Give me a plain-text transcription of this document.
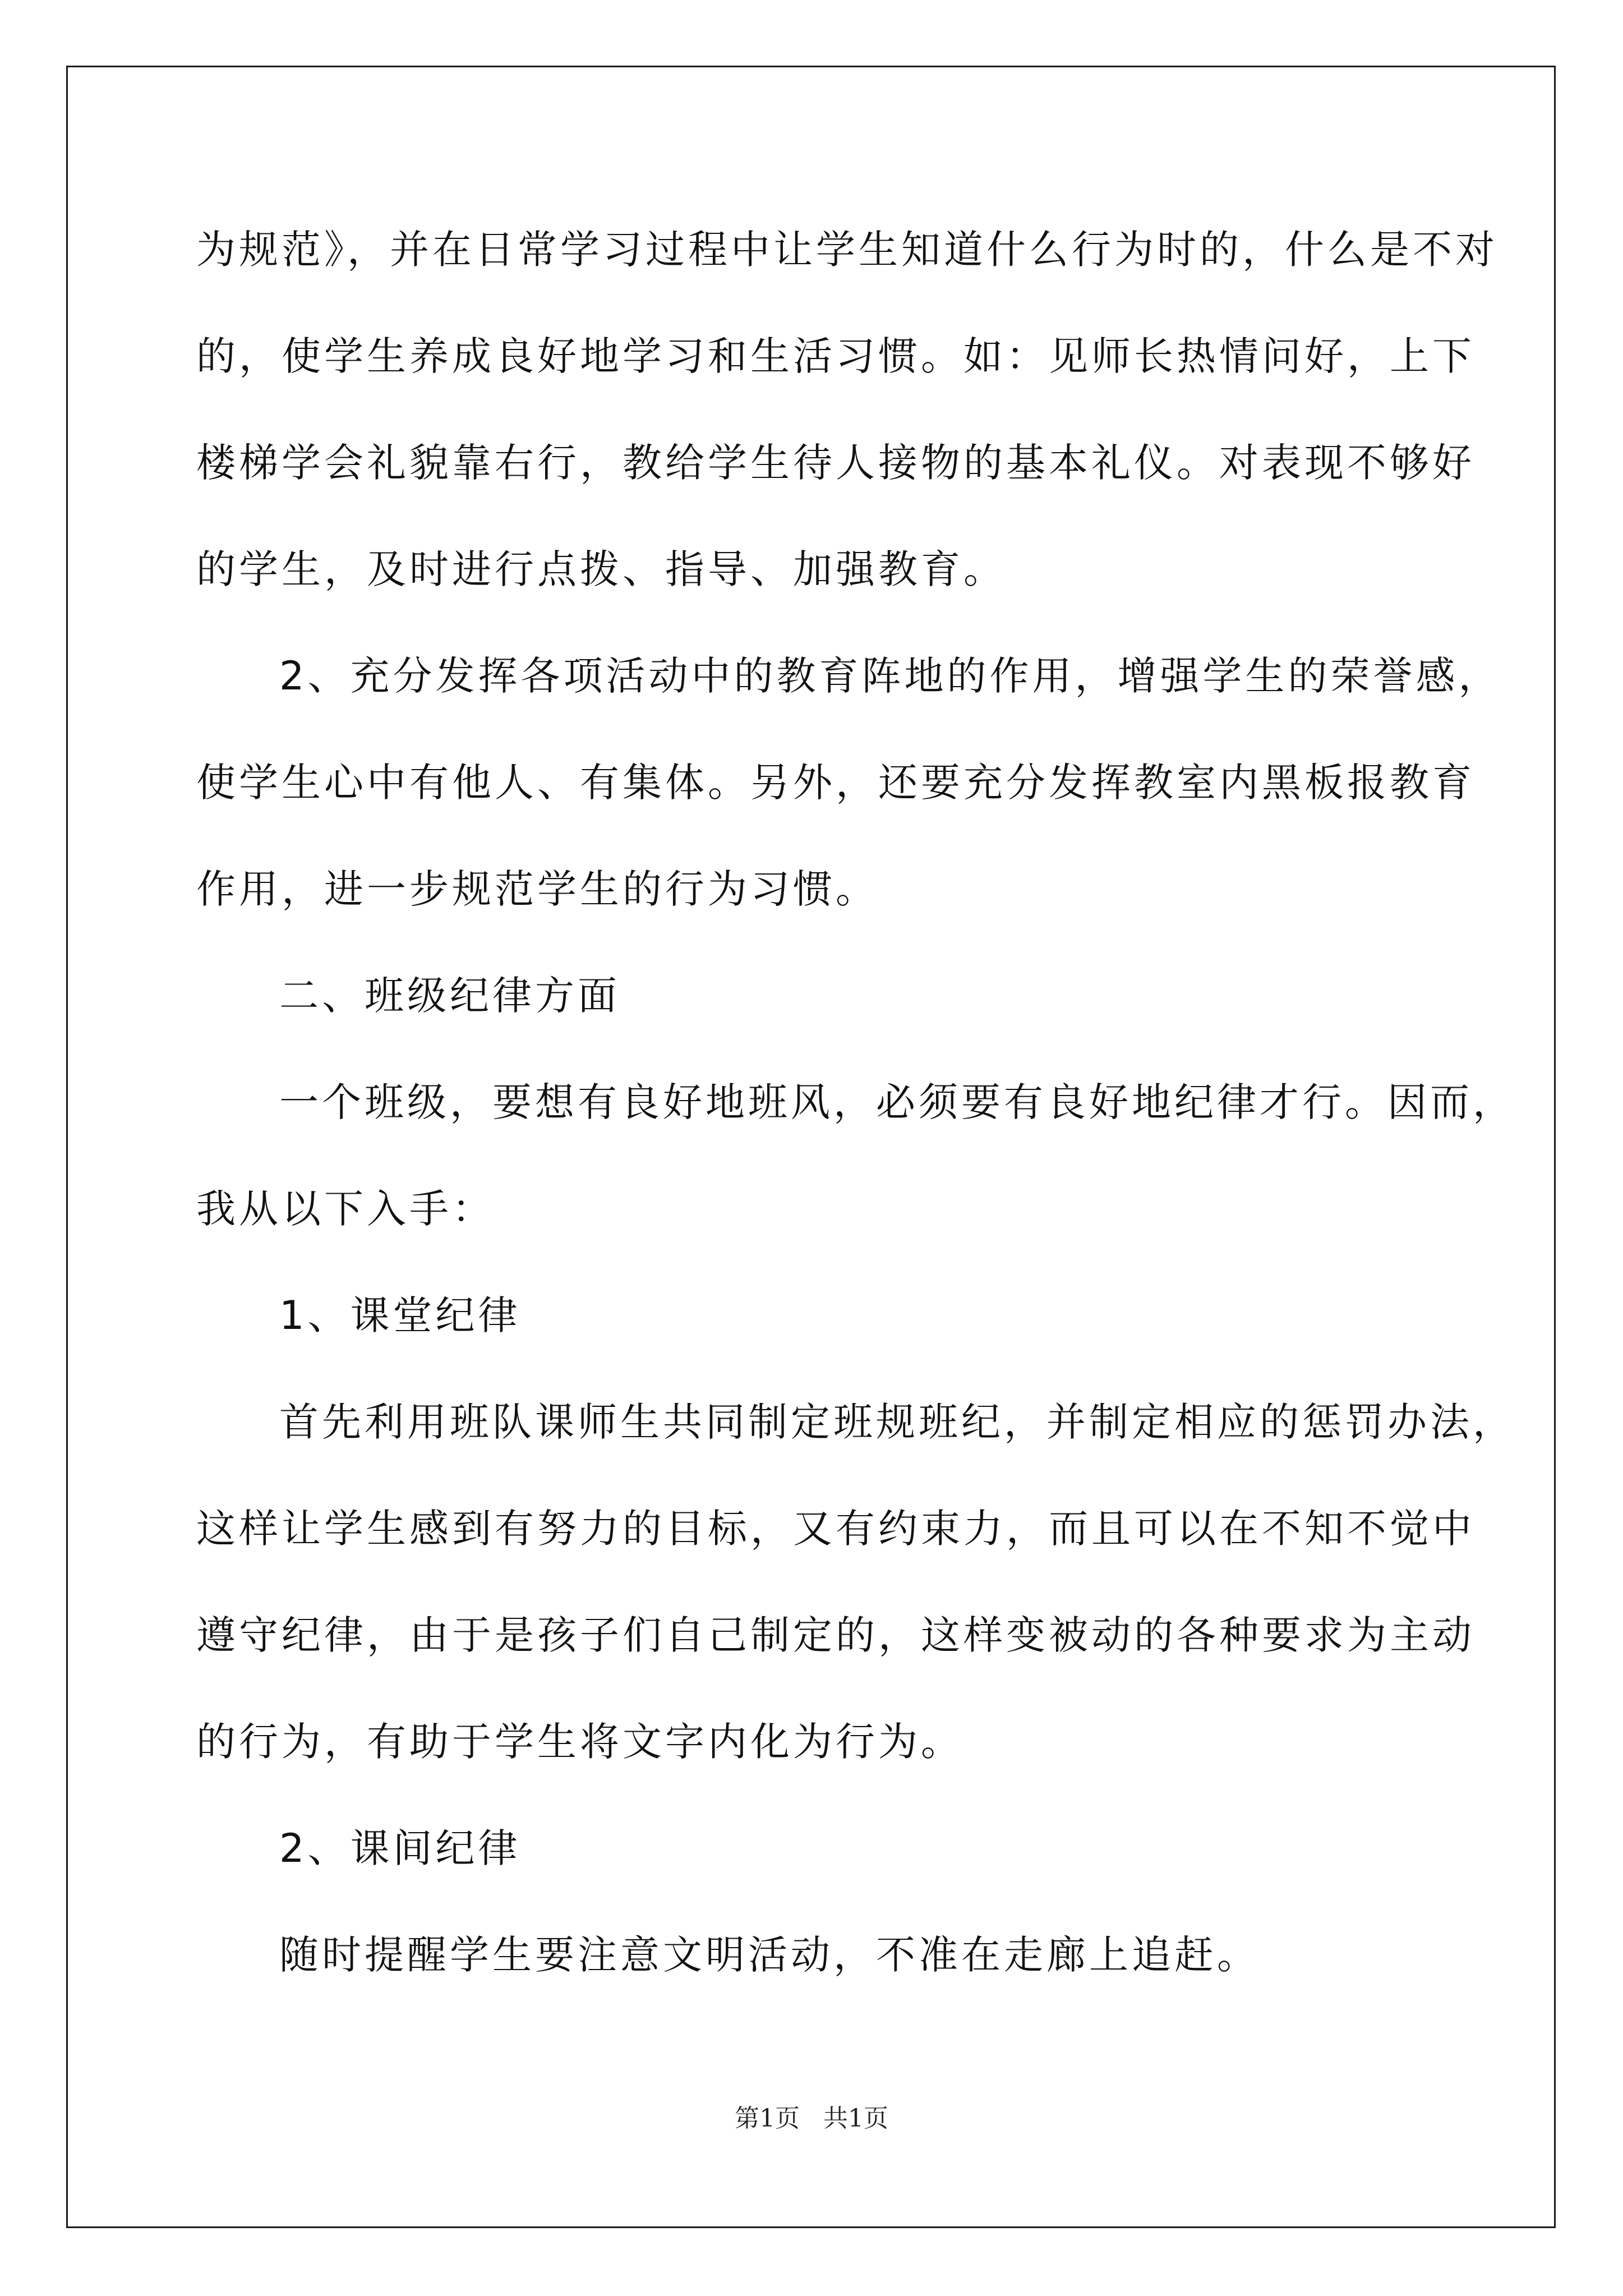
为规范》，并在日常学习过程中让学生知道什么行为时的，什么是不对
的，使学生养成良好地学习和生活习惯。如：见师长热情问好，上下
楼梯学会礼貌靠右行，教给学生待人接物的基本礼仪。对表现不够好
的学生，及时进行点拨、指导、加强教育。
2、充分发挥各项活动中的教育阵地的作用，增强学生的荣誉感，
使学生心中有他人、有集体。另外，还要充分发挥教室内黑板报教育
作用，进一步规范学生的行为习惯。
二、班级纪律方面
一个班级，要想有良好地班风，必须要有良好地纪律才行。因而，
我从以下入手：
1、课堂纪律
首先利用班队课师生共同制定班规班纪，并制定相应的惩罚办法，
这样让学生感到有努力的目标，又有约束力，而且可以在不知不觉中
遵守纪律，由于是孩子们自己制定的，这样变被动的各种要求为主动
的行为，有助于学生将文字内化为行为。
2、课间纪律
随时提醒学生要注意文明活动，不准在走廊上追赶。
第1页   共1页
